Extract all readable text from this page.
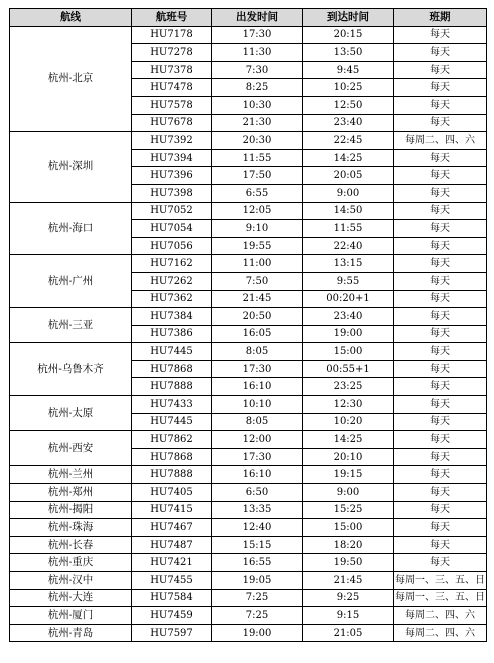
航线	航班号	出发时间	到达时间	班期
杭州-北京	HU7178	17:30	20:15	每天
	HU7278	11:30	13:50	每天
	HU7378	7:30	9:45	每天
	HU7478	8:25	10:25	每天
	HU7578	10:30	12:50	每天
	HU7678	21:30	23:40	每天
杭州-深圳	HU7392	20:30	22:45	每周二、四、六
	HU7394	11:55	14:25	每天
	HU7396	17:50	20:05	每天
	HU7398	6:55	9:00	每天
杭州-海口	HU7052	12:05	14:50	每天
	HU7054	9:10	11:55	每天
	HU7056	19:55	22:40	每天
杭州-广州	HU7162	11:00	13:15	每天
	HU7262	7:50	9:55	每天
	HU7362	21:45	00:20+1	每天
杭州-三亚	HU7384	20:50	23:40	每天
	HU7386	16:05	19:00	每天
杭州-乌鲁木齐	HU7445	8:05	15:00	每天
	HU7868	17:30	00:55+1	每天
	HU7888	16:10	23:25	每天
杭州-太原	HU7433	10:10	12:30	每天
	HU7445	8:05	10:20	每天
杭州-西安	HU7862	12:00	14:25	每天
	HU7868	17:30	20:10	每天
杭州-兰州	HU7888	16:10	19:15	每天
杭州-郑州	HU7405	6:50	9:00	每天
杭州-揭阳	HU7415	13:35	15:25	每天
杭州-珠海	HU7467	12:40	15:00	每天
杭州-长春	HU7487	15:15	18:20	每天
杭州-重庆	HU7421	16:55	19:50	每天
杭州-汉中	HU7455	19:05	21:45	每周一、三、五、日
杭州-大连	HU7584	7:25	9:25	每周一、三、五、日
杭州-厦门	HU7459	7:25	9:15	每周二、四、六
杭州-青岛	HU7597	19:00	21:05	每周二、四、六
